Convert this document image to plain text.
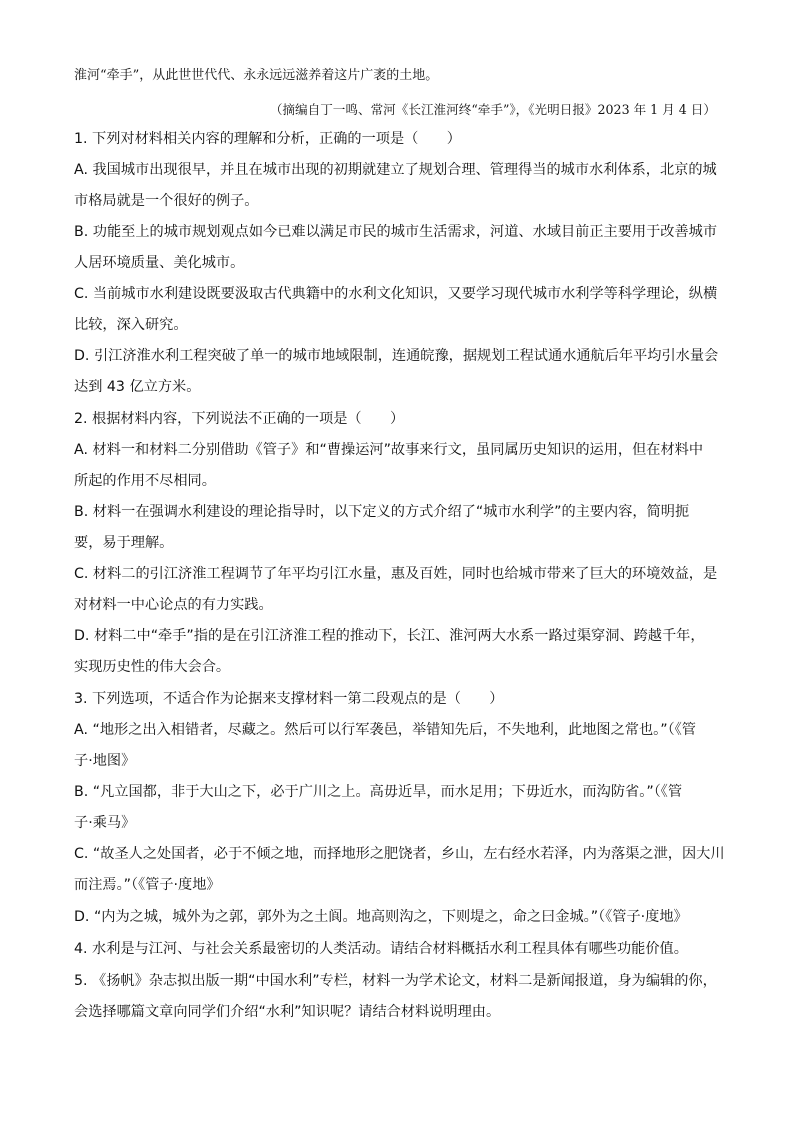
淮河“牵手”，从此世世代代、永永远远滋养着这片广袤的土地。
（摘编自丁一鸣、常河《长江淮河终“牵手”》，《光明日报》2023 年 1 月 4 日）
1. 下列对材料相关内容的理解和分析，正确的一项是（　　）
A. 我国城市出现很早，并且在城市出现的初期就建立了规划合理、管理得当的城市水利体系，北京的城
市格局就是一个很好的例子。
B. 功能至上的城市规划观点如今已难以满足市民的城市生活需求，河道、水域目前正主要用于改善城市
人居环境质量、美化城市。
C. 当前城市水利建设既要汲取古代典籍中的水利文化知识，又要学习现代城市水利学等科学理论，纵横
比较，深入研究。
D. 引江济淮水利工程突破了单一的城市地域限制，连通皖豫，据规划工程试通水通航后年平均引水量会
达到 43 亿立方米。
2. 根据材料内容，下列说法不正确的一项是（　　）
A. 材料一和材料二分别借助《管子》和“曹操运河”故事来行文，虽同属历史知识的运用，但在材料中
所起的作用不尽相同。
B. 材料一在强调水利建设的理论指导时，以下定义的方式介绍了“城市水利学”的主要内容，简明扼
要，易于理解。
C. 材料二的引江济淮工程调节了年平均引江水量，惠及百姓，同时也给城市带来了巨大的环境效益，是
对材料一中心论点的有力实践。
D. 材料二中“牵手”指的是在引江济淮工程的推动下，长江、淮河两大水系一路过渠穿洞、跨越千年，
实现历史性的伟大会合。
3. 下列选项，不适合作为论据来支撑材料一第二段观点的是（　　）
A. “地形之出入相错者，尽藏之。然后可以行军袭邑，举错知先后，不失地利，此地图之常也。”（《管
子·地图》
B. “凡立国都，非于大山之下，必于广川之上。高毋近旱，而水足用；下毋近水，而沟防省。”（《管
子·乘马》
C. “故圣人之处国者，必于不倾之地，而择地形之肥饶者，乡山，左右经水若泽，内为落渠之泄，因大川
而注焉。”（《管子·度地》
D. “内为之城，城外为之郭，郭外为之土阆。地高则沟之，下则堤之，命之曰金城。”（《管子·度地》
4. 水利是与江河、与社会关系最密切的人类活动。请结合材料概括水利工程具体有哪些功能价值。
5. 《扬帆》杂志拟出版一期“中国水利”专栏，材料一为学术论文，材料二是新闻报道，身为编辑的你，
会选择哪篇文章向同学们介绍“水利”知识呢？请结合材料说明理由。
